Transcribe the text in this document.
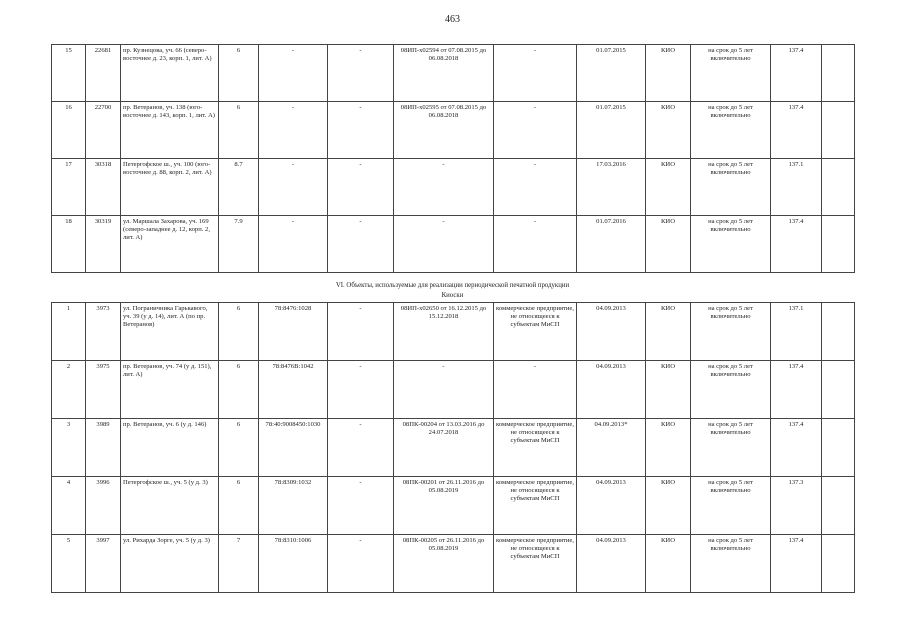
463
15	22681	пр. Кузнецова, уч. 66 (северо-восточнее д. 23, корп. 1, лит. А)	6	-	-	08ИП-х02594 от 07.08.2015 до 06.08.2018	-	01.07.2015	КИО	на срок до 5 лет включительно	137.4	
16	22700	пр. Ветеранов, уч. 138 (юго-восточнее д. 143, корп. 1, лит. А)	6	-	-	08ИП-х02595 от 07.08.2015 до 06.08.2018	-	01.07.2015	КИО	на срок до 5 лет включительно	137.4	
17	30318	Петергофское ш., уч. 100 (юго-восточнее д. 88, корп. 2, лит. А)	8.7	-	-	-	-	17.03.2016	КИО	на срок до 5 лет включительно	137.1	
18	30319	ул. Маршала Захарова, уч. 169 (северо-западнее д. 12, корп. 2, лит. А)	7.9	-	-	-	-	01.07.2016	КИО	на срок до 5 лет включительно	137.4	
VI. Объекты, используемые для реализации периодической печатной продукции
Киоски
1	3973	ул. Пограничника Гарькавого, уч. 39 (у д. 14), лит. А (по пр. Ветеранов)	6	78:8476:1028	-	08ИП-х02650 от 16.12.2015 до 15.12.2018	коммерческое предприятие, не относящееся к субъектам МиСП	04.09.2013	КИО	на срок до 5 лет включительно	137.1	
2	3975	пр. Ветеранов, уч. 74 (у д. 151), лит. А)	6	78:8476В:1042	-	-	-	04.09.2013	КИО	на срок до 5 лет включительно	137.4	
3	3989	пр. Ветеранов, уч. 6 (у д. 146)	6	78:40:9008450:1030	-	08ПК-00204 от 13.03.2016 до 24.07.2018	коммерческое предприятие, не относящееся к субъектам МиСП	04.09.2013*	КИО	на срок до 5 лет включительно	137.4	
4	3996	Петергофское ш., уч. 5 (у д. 3)	6	78:8309:1032	-	08ПК-00201 от 26.11.2016 до 05.08.2019	коммерческое предприятие, не относящееся к субъектам МиСП	04.09.2013	КИО	на срок до 5 лет включительно	137.3	
5	3997	ул. Рихарда Зорге, уч. 5 (у д. 3)	7	78:8310:1006	-	08ПК-00205 от 26.11.2016 до 05.08.2019	коммерческое предприятие, не относящееся к субъектам МиСП	04.09.2013	КИО	на срок до 5 лет включительно	137.4	
